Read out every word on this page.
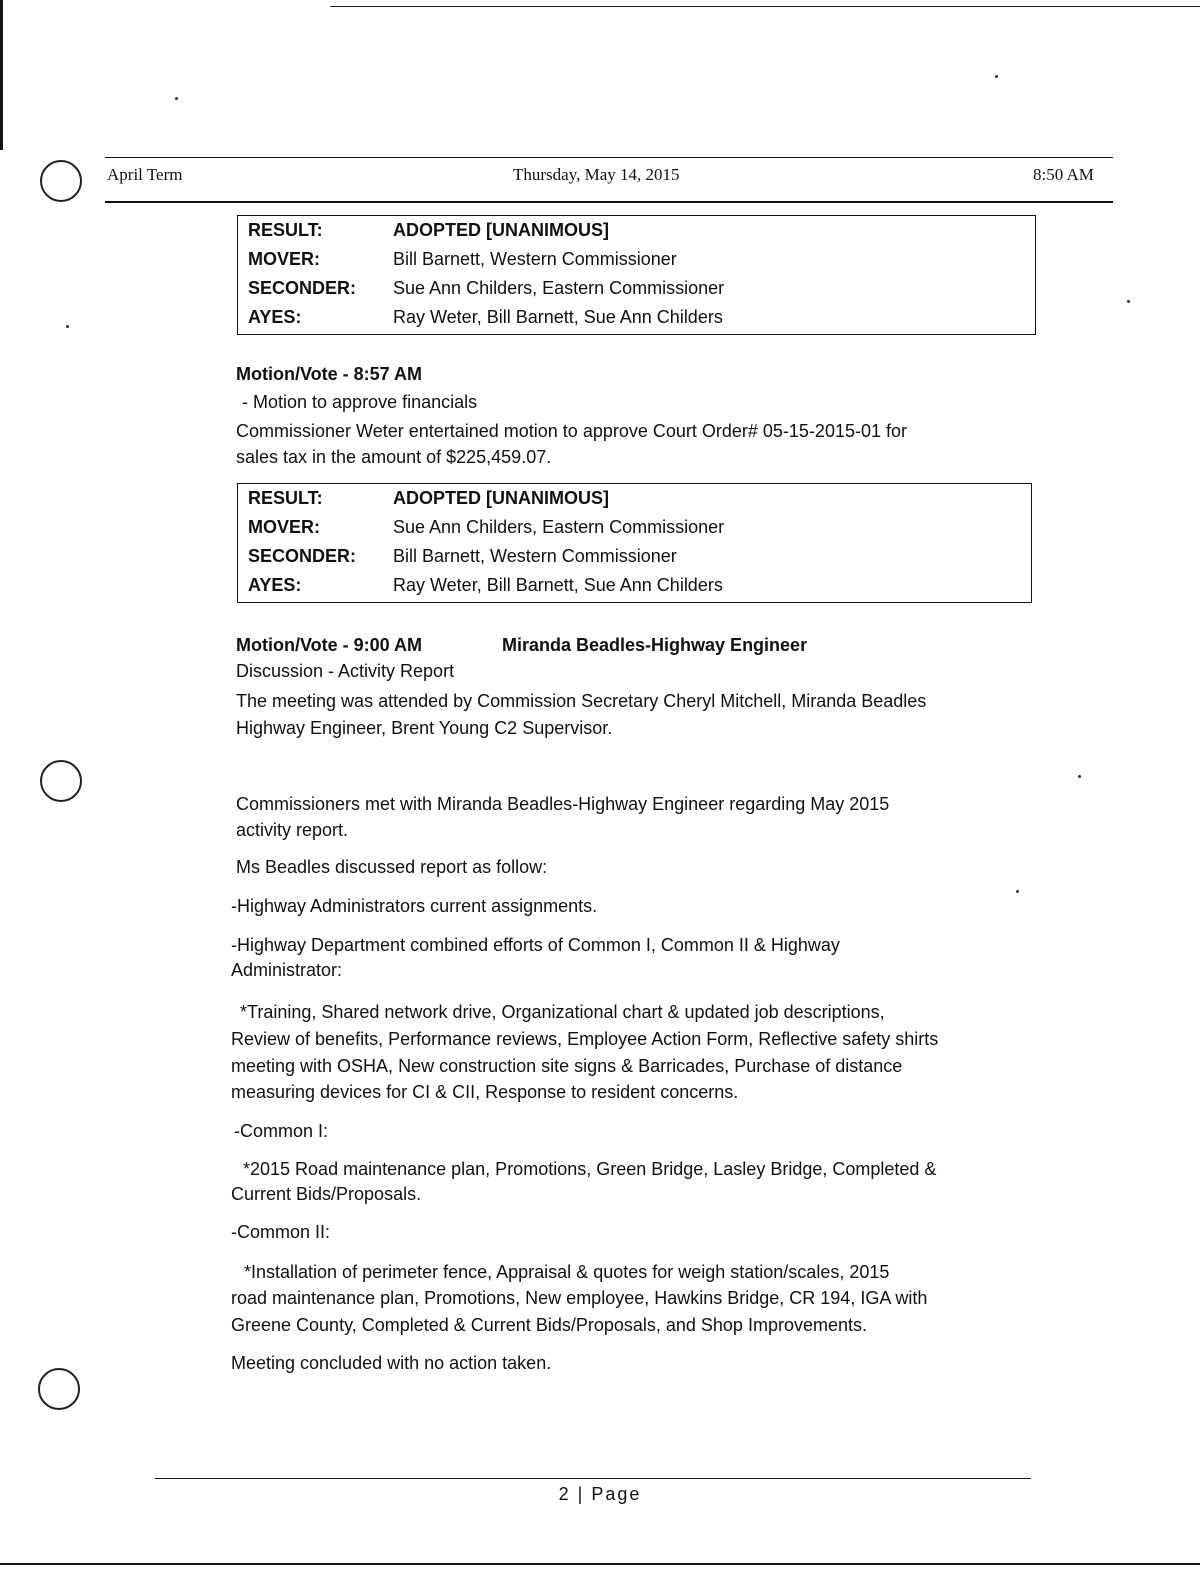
April Term	Thursday, May 14, 2015	8:50 AM
RESULT:	ADOPTED [UNANIMOUS]
MOVER:	Bill Barnett, Western Commissioner
SECONDER: Sue Ann Childers, Eastern Commissioner
AYES:	Ray Weter, Bill Barnett, Sue Ann Childers
Motion/Vote - 8:57 AM
- Motion to approve financials
Commissioner Weter entertained motion to approve Court Order# 05-15-2015-01 for
sales tax in the amount of $225,459.07.
RESULT:	ADOPTED [UNANIMOUS]
MOVER:	Sue Ann Childers, Eastern Commissioner
SECONDER: Bill Barnett, Western Commissioner
AYES:	Ray Weter, Bill Barnett, Sue Ann Childers
Motion/Vote - 9:00 AM	Miranda Beadles-Highway Engineer
Discussion - Activity Report
The meeting was attended by Commission Secretary Cheryl Mitchell, Miranda Beadles
Highway Engineer, Brent Young C2 Supervisor.
Commissioners met with Miranda Beadles-Highway Engineer regarding May 2015
activity report.
Ms Beadles discussed report as follow:
-Highway Administrators current assignments.
-Highway Department combined efforts of Common I, Common II & Highway
Administrator:
*Training, Shared network drive, Organizational chart & updated job descriptions,
Review of benefits, Performance reviews, Employee Action Form, Reflective safety shirts
meeting with OSHA, New construction site signs & Barricades, Purchase of distance
measuring devices for CI & CII, Response to resident concerns.
-Common I:
*2015 Road maintenance plan, Promotions, Green Bridge, Lasley Bridge, Completed &
Current Bids/Proposals.
-Common II:
*Installation of perimeter fence, Appraisal & quotes for weigh station/scales, 2015
road maintenance plan, Promotions, New employee, Hawkins Bridge, CR 194, IGA with
Greene County, Completed & Current Bids/Proposals, and Shop Improvements.
Meeting concluded with no action taken.
2 | Page
